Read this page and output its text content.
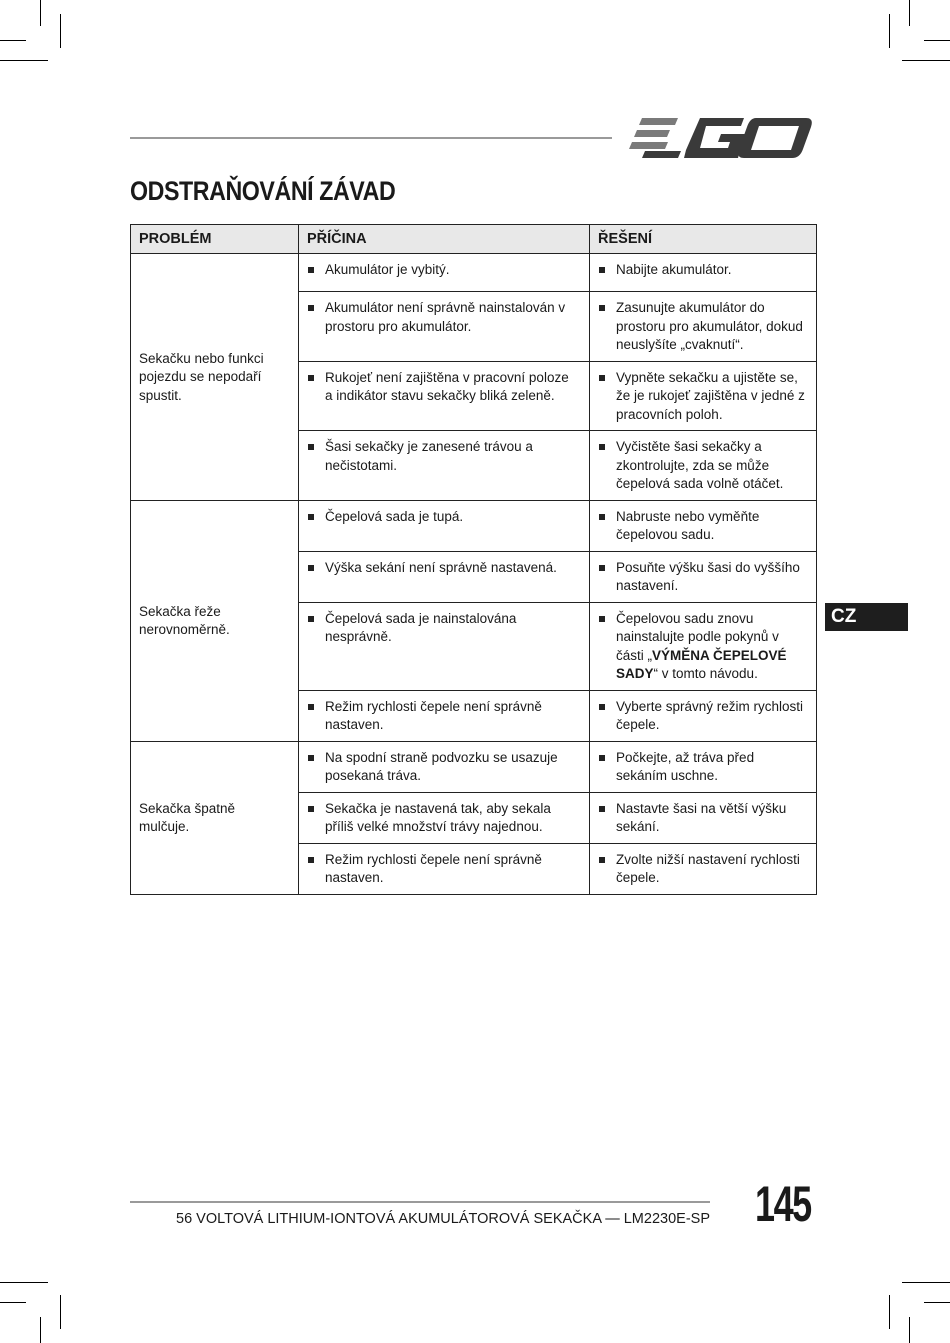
ODSTRAŇOVÁNÍ ZÁVAD
PROBLÉM	PŘÍČINA	ŘEŠENÍ
Sekačku nebo funkci pojezdu se nepodaří spustit.	Akumulátor je vybitý.	Nabijte akumulátor.

Akumulátor není správně nainstalován v prostoru pro akumulátor.	Zasunujte akumulátor do prostoru pro akumulátor, dokud neuslyšíte „cvaknutí“.

Rukojeť není zajištěna v pracovní poloze a indikátor stavu sekačky bliká zeleně.	Vypněte sekačku a ujistěte se, že je rukojeť zajištěna v jedné z pracovních poloh.

Šasi sekačky je zanesené trávou a nečistotami.	Vyčistěte šasi sekačky a zkontrolujte, zda se může čepelová sada volně otáčet.

Sekačka řeže nerovnoměrně.	Čepelová sada je tupá.	Nabruste nebo vyměňte čepelovou sadu.

Výška sekání není správně nastavená.	Posuňte výšku šasi do vyššího nastavení.

Čepelová sada je nainstalována nesprávně.	Čepelovou sadu znovu nainstalujte podle pokynů v části „VÝMĚNA ČEPELOVÉ SADY“ v tomto návodu.

Režim rychlosti čepele není správně nastaven.	Vyberte správný režim rychlosti čepele.

Sekačka špatně mulčuje.	Na spodní straně podvozku se usazuje posekaná tráva.	Počkejte, až tráva před sekáním uschne.

Sekačka je nastavená tak, aby sekala příliš velké množství trávy najednou.	Nastavte šasi na větší výšku sekání.

Režim rychlosti čepele není správně nastaven.	Zvolte nižší nastavení rychlosti čepele.
CZ
56 VOLTOVÁ LITHIUM-IONTOVÁ AKUMULÁTOROVÁ SEKAČKA — LM2230E-SP 145
